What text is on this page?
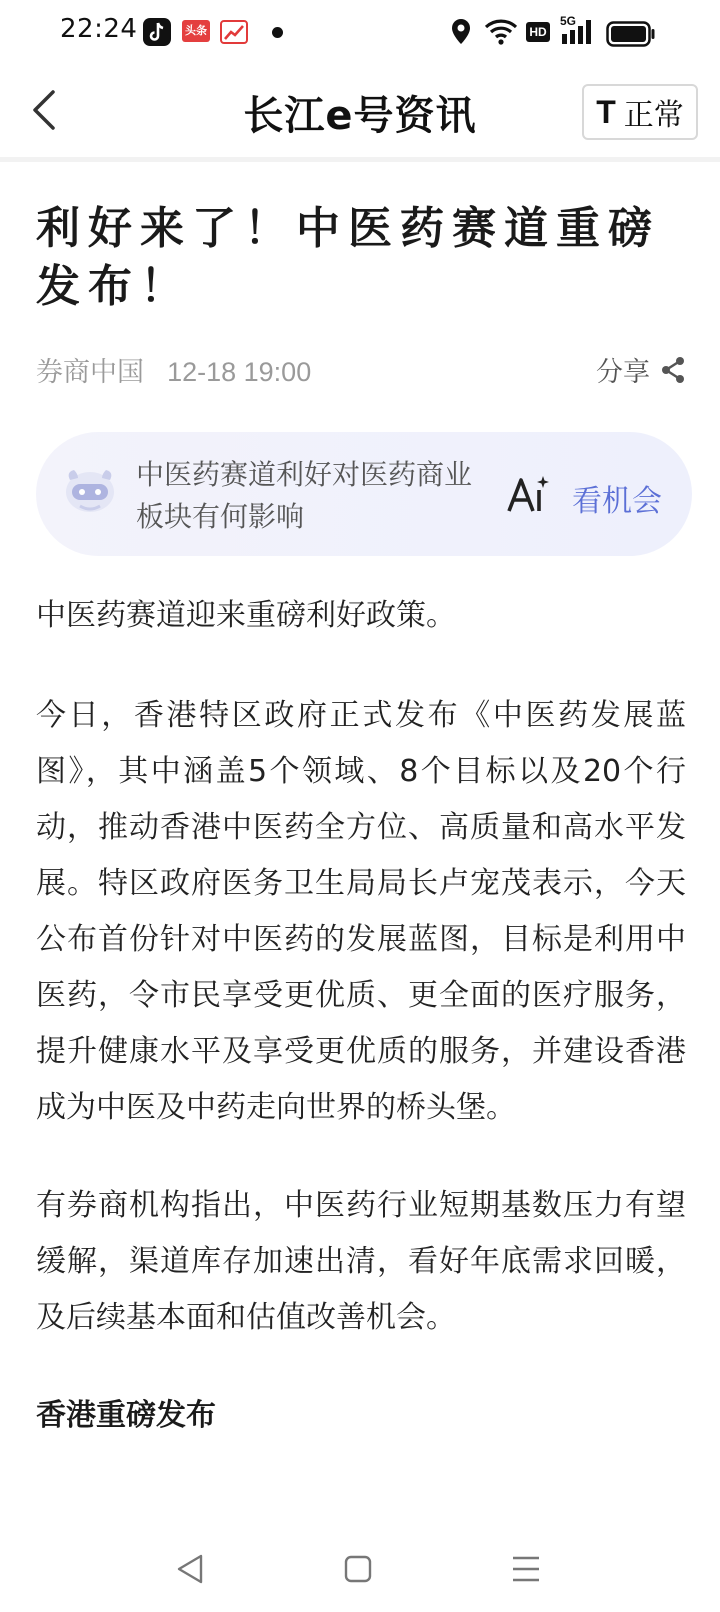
22:24	头条	HD
5G
长江e号资讯	T 正常
利好来了！中医药赛道重磅发布！
券商中国 12-18 19:00	分享
中医药赛道利好对医药商业板块有何影响	看机会

中医药赛道迎来重磅利好政策。

今日，香港特区政府正式发布《中医药发展蓝图》，其中涵盖5个领域、8个目标以及20个行动，推动香港中医药全方位、高质量和高水平发展。特区政府医务卫生局局长卢宠茂表示，今天公布首份针对中医药的发展蓝图，目标是利用中医药，令市民享受更优质、更全面的医疗服务，提升健康水平及享受更优质的服务，并建设香港成为中医及中药走向世界的桥头堡。

有券商机构指出，中医药行业短期基数压力有望缓解，渠道库存加速出清，看好年底需求回暖，及后续基本面和估值改善机会。

香港重磅发布
